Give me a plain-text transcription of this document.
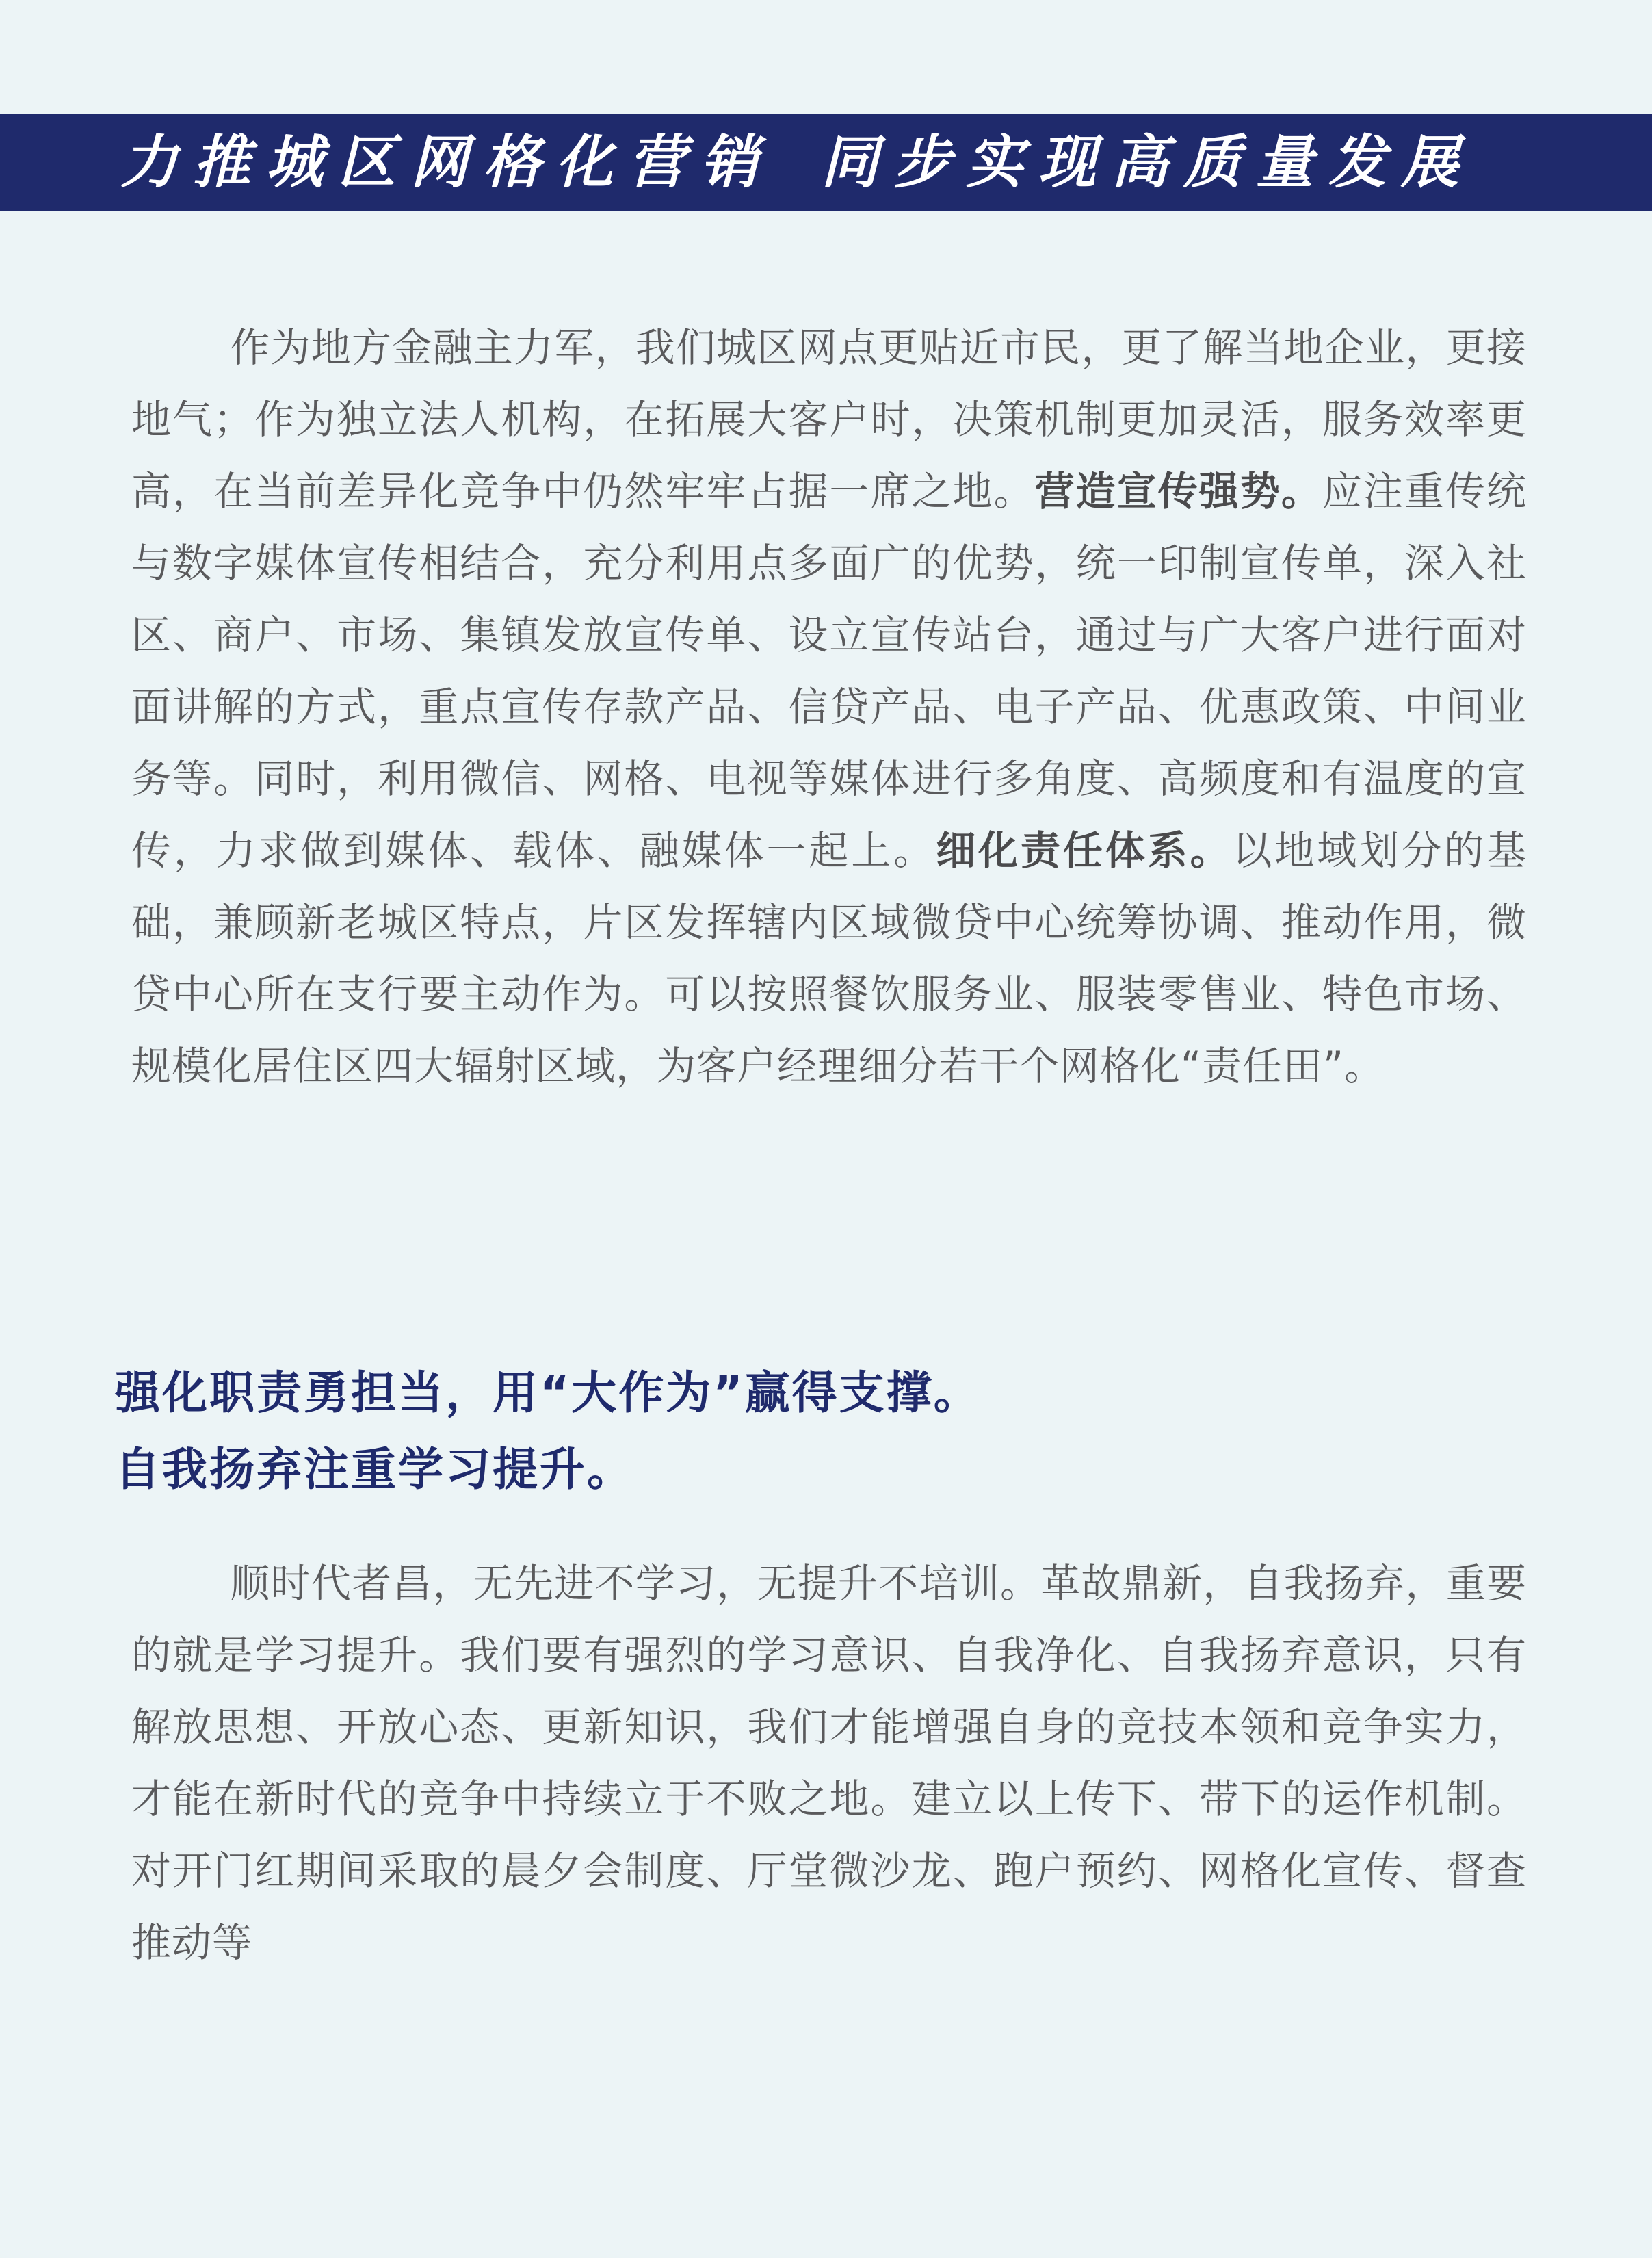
力推城区网格化营销 同步实现高质量发展

作为地方金融主力军，我们城区网点更贴近市民，更了解当地企业，更接地气；作为独立法人机构，在拓展大客户时，决策机制更加灵活，服务效率更高，在当前差异化竞争中仍然牢牢占据一席之地。营造宣传强势。应注重传统与数字媒体宣传相结合，充分利用点多面广的优势，统一印制宣传单，深入社区、商户、市场、集镇发放宣传单、设立宣传站台，通过与广大客户进行面对面讲解的方式，重点宣传存款产品、信贷产品、电子产品、优惠政策、中间业务等。同时，利用微信、网格、电视等媒体进行多角度、高频度和有温度的宣传，力求做到媒体、载体、融媒体一起上。细化责任体系。以地域划分的基础，兼顾新老城区特点，片区发挥辖内区域微贷中心统筹协调、推动作用，微贷中心所在支行要主动作为。可以按照餐饮服务业、服装零售业、特色市场、规模化居住区四大辐射区域，为客户经理细分若干个网格化“责任田”。

强化职责勇担当，用“大作为”赢得支撑。
自我扬弃注重学习提升。

顺时代者昌，无先进不学习，无提升不培训。革故鼎新，自我扬弃，重要的就是学习提升。我们要有强烈的学习意识、自我净化、自我扬弃意识，只有解放思想、开放心态、更新知识，我们才能增强自身的竞技本领和竞争实力，才能在新时代的竞争中持续立于不败之地。建立以上传下、带下的运作机制。对开门红期间采取的晨夕会制度、厅堂微沙龙、跑户预约、网格化宣传、督查推动等
